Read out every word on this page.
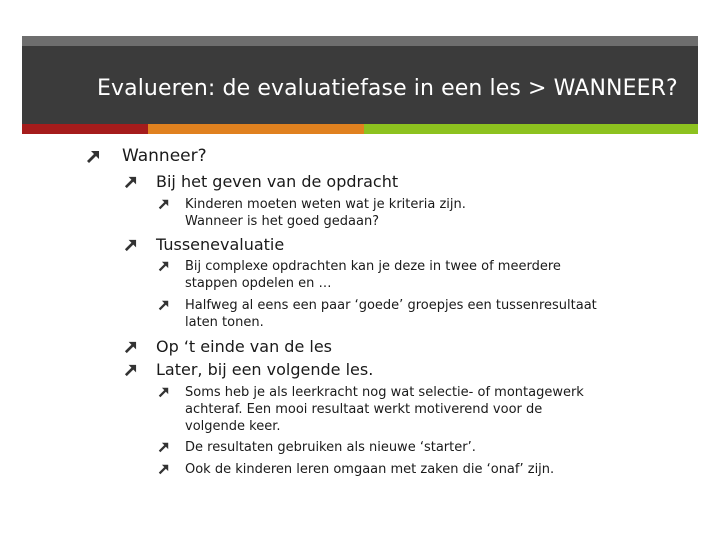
Evalueren: de evaluatiefase in een les > WANNEER?
Wanneer?
Bij het geven van de opdracht
Kinderen moeten weten wat je kriteria zijn.
Wanneer is het goed gedaan?
Tussenevaluatie
Bij complexe opdrachten kan je deze in twee of meerdere
stappen opdelen en …
Halfweg al eens een paar ‘goede’ groepjes een tussenresultaat
laten tonen.
Op ‘t einde van de les
Later, bij een volgende les.
Soms heb je als leerkracht nog wat selectie- of montagewerk
achteraf. Een mooi resultaat werkt motiverend voor de
volgende keer.
De resultaten gebruiken als nieuwe ‘starter’.
Ook de kinderen leren omgaan met zaken die ‘onaf’ zijn.
